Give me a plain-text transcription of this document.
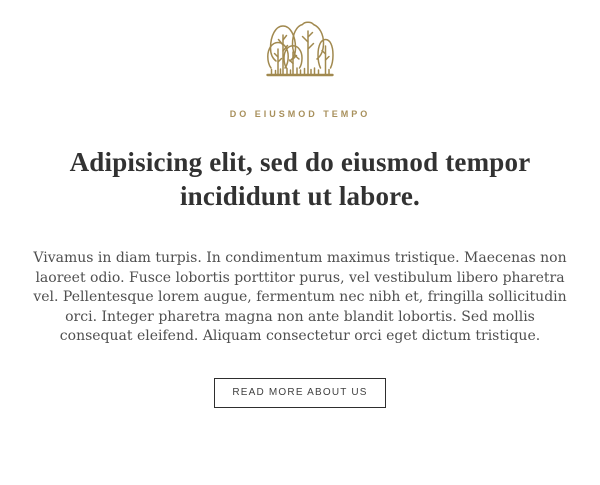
DO EIUSMOD TEMPO
Adipisicing elit, sed do eiusmod tempor
incididunt ut labore.

Vivamus in diam turpis. In condimentum maximus tristique. Maecenas non laoreet odio. Fusce lobortis porttitor purus, vel vestibulum libero pharetra vel. Pellentesque lorem augue, fermentum nec nibh et, fringilla sollicitudin orci. Integer pharetra magna non ante blandit lobortis. Sed mollis consequat eleifend. Aliquam consectetur orci eget dictum tristique.

READ MORE ABOUT US
